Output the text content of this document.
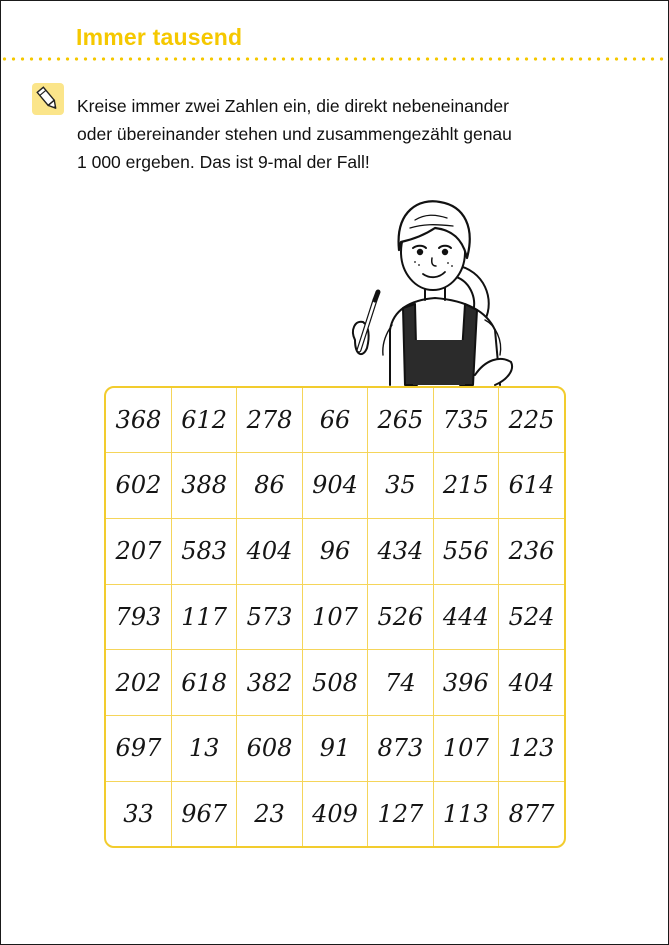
Immer tausend
Kreise immer zwei Zahlen ein, die direkt nebeneinander
oder übereinander stehen und zusammengezählt genau
1 000 ergeben. Das ist 9-mal der Fall!
368	612	278	66	265	735	225
602	388	86	904	35	215	614
207	583	404	96	434	556	236
793	117	573	107	526	444	524
202	618	382	508	74	396	404
697	13	608	91	873	107	123
33	967	23	409	127	113	877
